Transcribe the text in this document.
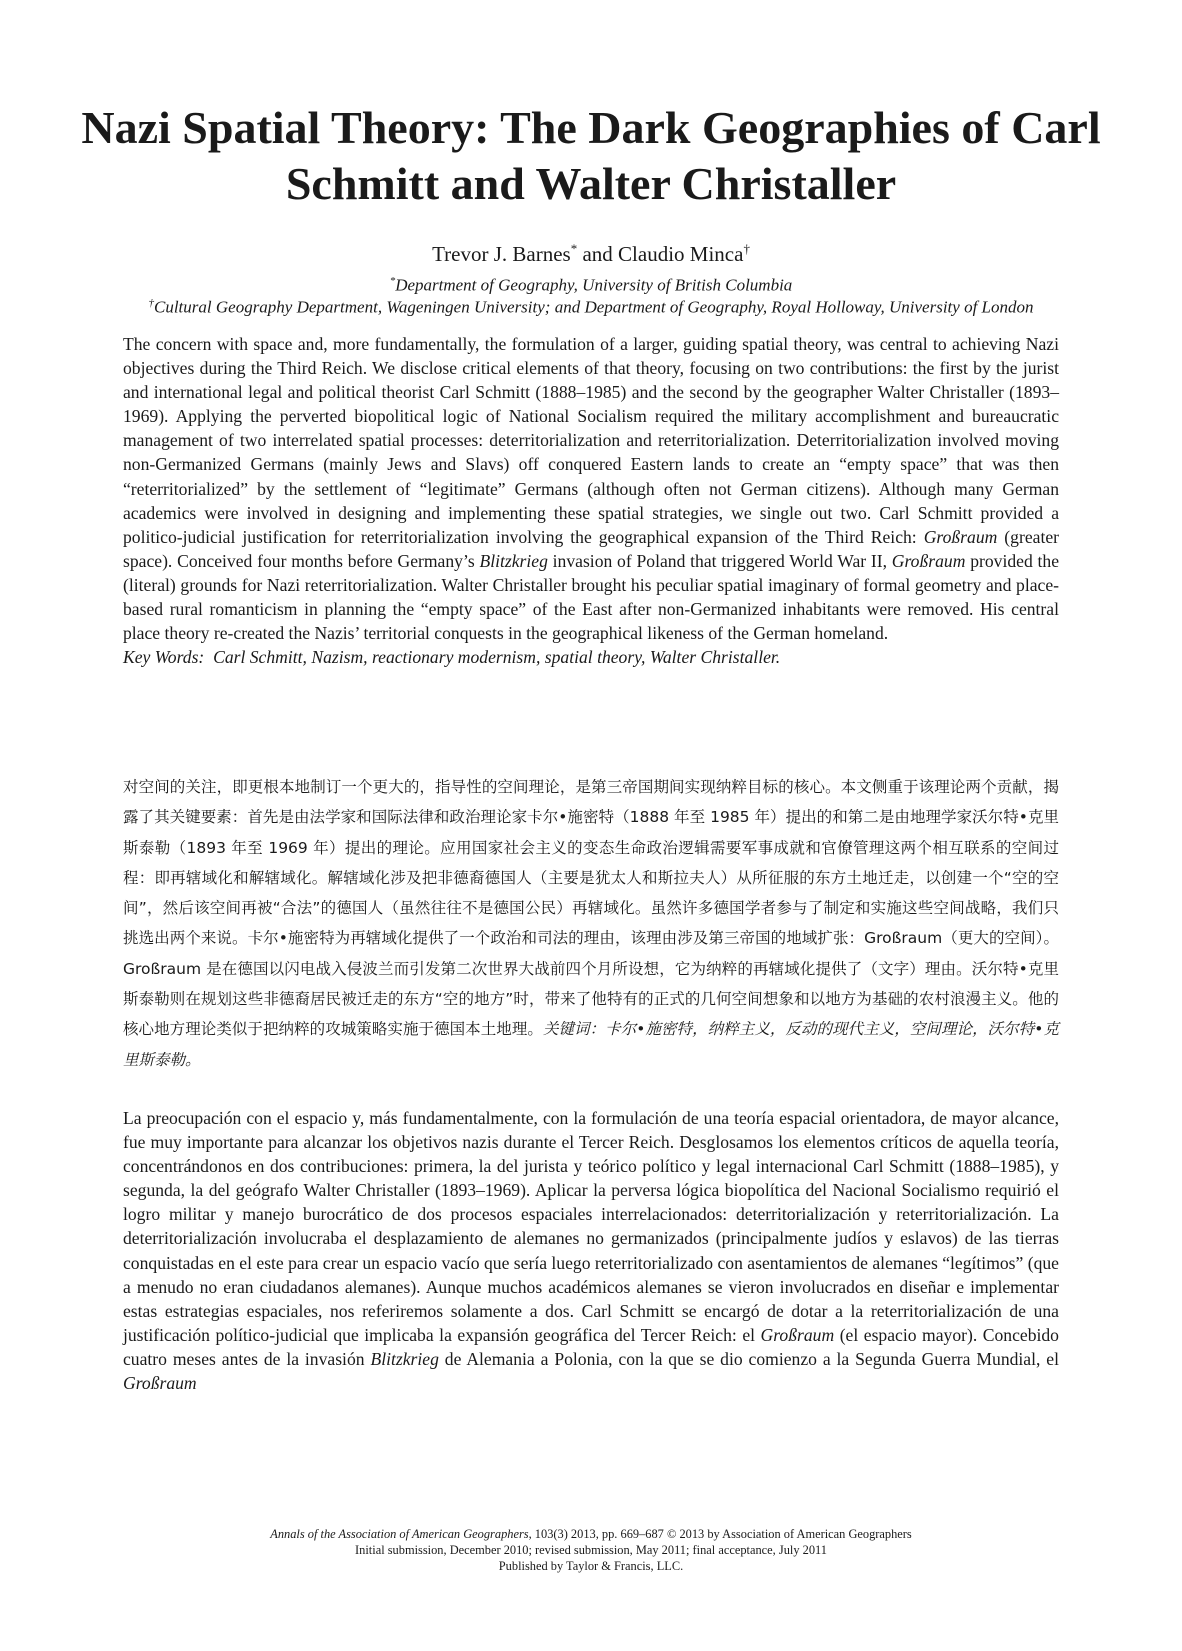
Nazi Spatial Theory: The Dark Geographies of Carl Schmitt and Walter Christaller
Trevor J. Barnes* and Claudio Minca†
*Department of Geography, University of British Columbia
†Cultural Geography Department, Wageningen University; and Department of Geography, Royal Holloway, University of London

The concern with space and, more fundamentally, the formulation of a larger, guiding spatial theory, was central to achieving Nazi objectives during the Third Reich. We disclose critical elements of that theory, focusing on two contributions: the first by the jurist and international legal and political theorist Carl Schmitt (1888–1985) and the second by the geographer Walter Christaller (1893–1969). Applying the perverted biopolitical logic of National Socialism required the military accomplishment and bureaucratic management of two interrelated spatial processes: deterritorialization and reterritorialization. Deterritorialization involved moving non-Germanized Germans (mainly Jews and Slavs) off conquered Eastern lands to create an “empty space” that was then “reterritorialized” by the settlement of “legitimate” Germans (although often not German citizens). Although many German academics were involved in designing and implementing these spatial strategies, we single out two. Carl Schmitt provided a politico-judicial justification for reterritorialization involving the geographical expansion of the Third Reich: Großraum (greater space). Conceived four months before Germany’s Blitzkrieg invasion of Poland that triggered World War II, Großraum provided the (literal) grounds for Nazi reterritorialization. Walter Christaller brought his peculiar spatial imaginary of formal geometry and place-based rural romanticism in planning the “empty space” of the East after non-Germanized inhabitants were removed. His central place theory re-created the Nazis’ territorial conquests in the geographical likeness of the German homeland.
Key Words: Carl Schmitt, Nazism, reactionary modernism, spatial theory, Walter Christaller.

对空间的关注，即更根本地制订一个更大的，指导性的空间理论，是第三帝国期间实现纳粹目标的核心。本文侧重于该理论两个贡献，揭露了其关键要素：首先是由法学家和国际法律和政治理论家卡尔•施密特（1888 年至 1985 年）提出的和第二是由地理学家沃尔特•克里斯泰勒（1893 年至 1969 年）提出的理论。应用国家社会主义的变态生命政治逻辑需要军事成就和官僚管理这两个相互联系的空间过程：即再辖域化和解辖域化。解辖域化涉及把非德裔德国人（主要是犹太人和斯拉夫人）从所征服的东方土地迁走，以创建一个“空的空间”，然后该空间再被“合法”的德国人（虽然往往不是德国公民）再辖域化。虽然许多德国学者参与了制定和实施这些空间战略，我们只挑选出两个来说。卡尔•施密特为再辖域化提供了一个政治和司法的理由，该理由涉及第三帝国的地域扩张：Großraum（更大的空间）。Großraum 是在德国以闪电战入侵波兰而引发第二次世界大战前四个月所设想，它为纳粹的再辖域化提供了（文字）理由。沃尔特•克里斯泰勒则在规划这些非德裔居民被迁走的东方“空的地方”时，带来了他特有的正式的几何空间想象和以地方为基础的农村浪漫主义。他的核心地方理论类似于把纳粹的攻城策略实施于德国本土地理。关键词：卡尔•施密特，纳粹主义，反动的现代主义，空间理论，沃尔特•克里斯泰勒。

La preocupación con el espacio y, más fundamentalmente, con la formulación de una teoría espacial orientadora, de mayor alcance, fue muy importante para alcanzar los objetivos nazis durante el Tercer Reich. Desglosamos los elementos críticos de aquella teoría, concentrándonos en dos contribuciones: primera, la del jurista y teórico político y legal internacional Carl Schmitt (1888–1985), y segunda, la del geógrafo Walter Christaller (1893–1969). Aplicar la perversa lógica biopolítica del Nacional Socialismo requirió el logro militar y manejo burocrático de dos procesos espaciales interrelacionados: deterritorialización y reterritorialización. La deterritorialización involucraba el desplazamiento de alemanes no germanizados (principalmente judíos y eslavos) de las tierras conquistadas en el este para crear un espacio vacío que sería luego reterritorializado con asentamientos de alemanes “legítimos” (que a menudo no eran ciudadanos alemanes). Aunque muchos académicos alemanes se vieron involucrados en diseñar e implementar estas estrategias espaciales, nos referiremos solamente a dos. Carl Schmitt se encargó de dotar a la reterritorialización de una justificación político-judicial que implicaba la expansión geográfica del Tercer Reich: el Großraum (el espacio mayor). Concebido cuatro meses antes de la invasión Blitzkrieg de Alemania a Polonia, con la que se dio comienzo a la Segunda Guerra Mundial, el Großraum

Annals of the Association of American Geographers, 103(3) 2013, pp. 669–687 © 2013 by Association of American Geographers
Initial submission, December 2010; revised submission, May 2011; final acceptance, July 2011
Published by Taylor & Francis, LLC.
